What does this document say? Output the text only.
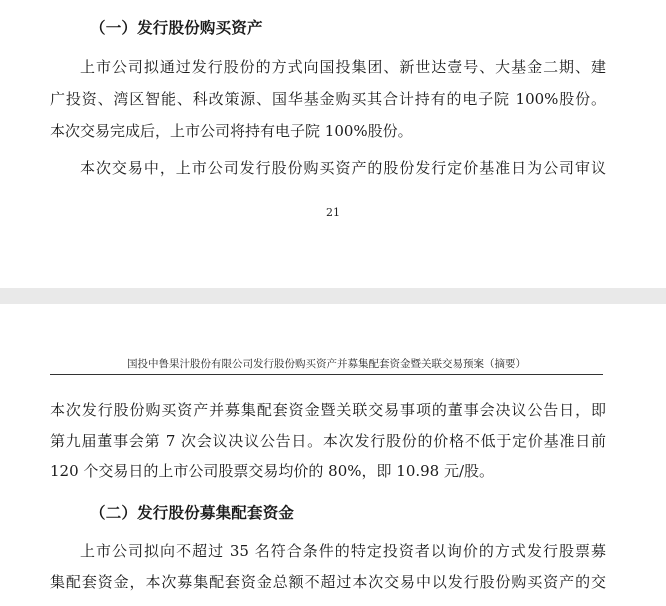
（一）发行股份购买资产
上市公司拟通过发行股份的方式向国投集团、新世达壹号、大基金二期、建
广投资、湾区智能、科改策源、国华基金购买其合计持有的电子院 100%股份。
本次交易完成后，上市公司将持有电子院 100%股份。
本次交易中，上市公司发行股份购买资产的股份发行定价基准日为公司审议
21
国投中鲁果汁股份有限公司发行股份购买资产并募集配套资金暨关联交易预案（摘要）
本次发行股份购买资产并募集配套资金暨关联交易事项的董事会决议公告日，即
第九届董事会第 7 次会议决议公告日。本次发行股份的价格不低于定价基准日前
120 个交易日的上市公司股票交易均价的 80%，即 10.98 元/股。
（二）发行股份募集配套资金
上市公司拟向不超过 35 名符合条件的特定投资者以询价的方式发行股票募
集配套资金，本次募集配套资金总额不超过本次交易中以发行股份购买资产的交
